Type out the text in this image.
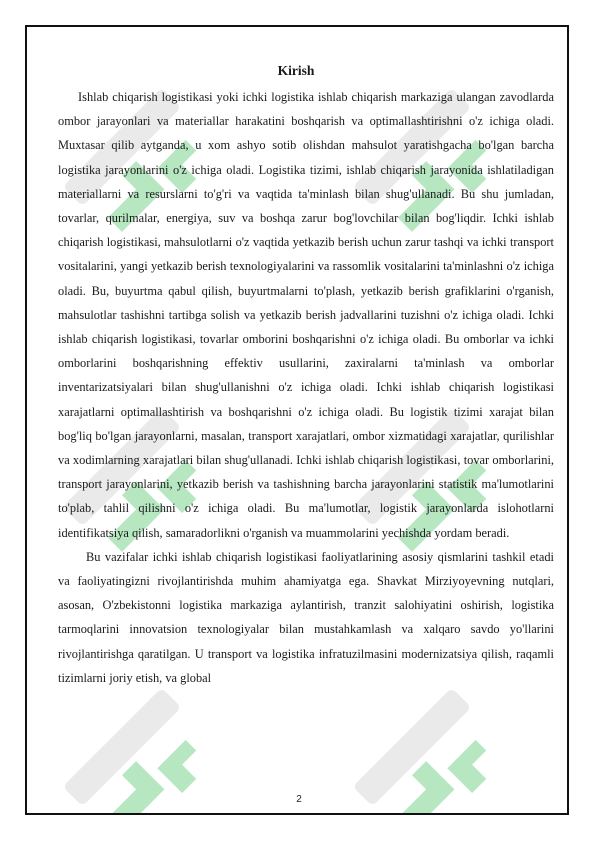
Kirish

Ishlab chiqarish logistikasi yoki ichki logistika ishlab chiqarish markaziga ulangan zavodlarda ombor jarayonlari va materiallar harakatini boshqarish va optimallashtirishni o'z ichiga oladi. Muxtasar qilib aytganda, u xom ashyo sotib olishdan mahsulot yaratishgacha bo'lgan barcha logistika jarayonlarini o'z ichiga oladi. Logistika tizimi, ishlab chiqarish jarayonida ishlatiladigan materiallarni va resurslarni to'g'ri va vaqtida ta'minlash bilan shug'ullanadi. Bu shu jumladan, tovarlar, qurilmalar, energiya, suv va boshqa zarur bog'lovchilar bilan bog'liqdir. Ichki ishlab chiqarish logistikasi, mahsulotlarni o'z vaqtida yetkazib berish uchun zarur tashqi va ichki transport vositalarini, yangi yetkazib berish texnologiyalarini va rassomlik vositalarini ta'minlashni o'z ichiga oladi. Bu, buyurtma qabul qilish, buyurtmalarni to'plash, yetkazib berish grafiklarini o'rganish, mahsulotlar tashishni tartibga solish va yetkazib berish jadvallarini tuzishni o'z ichiga oladi. Ichki ishlab chiqarish logistikasi, tovarlar omborini boshqarishni o'z ichiga oladi. Bu omborlar va ichki omborlarini boshqarishning effektiv usullarini, zaxiralarni ta'minlash va omborlar inventarizatsiyalari bilan shug'ullanishni o'z ichiga oladi. Ichki ishlab chiqarish logistikasi xarajatlarni optimallashtirish va boshqarishni o'z ichiga oladi. Bu logistik tizimi xarajat bilan bog'liq bo'lgan jarayonlarni, masalan, transport xarajatlari, ombor xizmatidagi xarajatlar, qurilishlar va xodimlarning xarajatlari bilan shug'ullanadi. Ichki ishlab chiqarish logistikasi, tovar omborlarini, transport jarayonlarini, yetkazib berish va tashishning barcha jarayonlarini statistik ma'lumotlarini to'plab, tahlil qilishni o'z ichiga oladi. Bu ma'lumotlar, logistik jarayonlarda islohotlarni identifikatsiya qilish, samaradorlikni o'rganish va muammolarini yechishda yordam beradi.

Bu vazifalar ichki ishlab chiqarish logistikasi faoliyatlarining asosiy qismlarini tashkil etadi va faoliyatingizni rivojlantirishda muhim ahamiyatga ega. Shavkat Mirziyoyevning nutqlari, asosan, O'zbekistonni logistika markaziga aylantirish, tranzit salohiyatini oshirish, logistika tarmoqlarini innovatsion texnologiyalar bilan mustahkamlash va xalqaro savdo yo'llarini rivojlantirishga qaratilgan. U transport va logistika infratuzilmasini modernizatsiya qilish, raqamli tizimlarni joriy etish, va global

2
